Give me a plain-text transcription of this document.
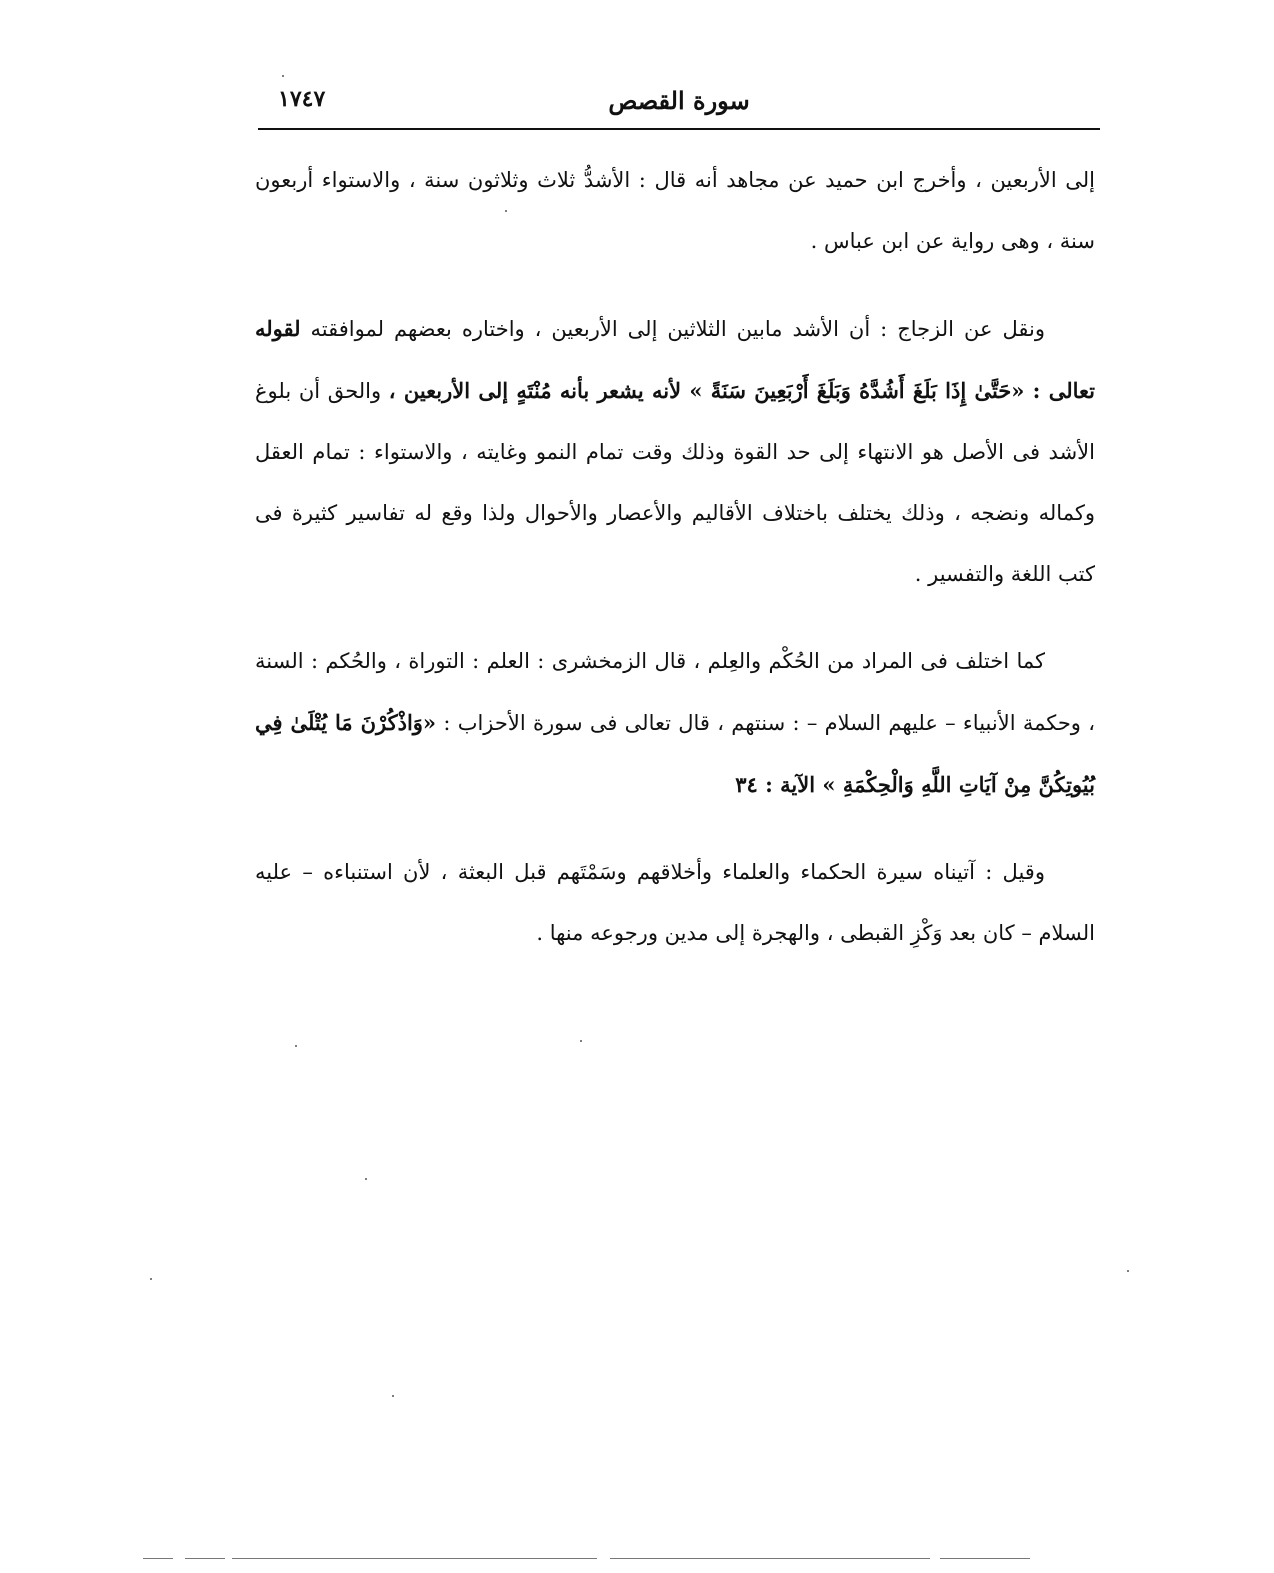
سورة القصص
١٧٤٧

إلى الأربعين ، وأخرج ابن حميد عن مجاهد أنه قال : الأشدُّ ثلاث وثلاثون سنة ، والاستواء أربعون سنة ، وهى رواية عن ابن عباس .

ونقل عن الزجاج : أن الأشد مابين الثلاثين إلى الأربعين ، واختاره بعضهم لموافقته لقوله تعالى : «حَتَّىٰ إِذَا بَلَغَ أَشُدَّهُ وَبَلَغَ أَرْبَعِينَ سَنَةً » لأنه يشعر بأنه مُنْتَهٍ إلى الأربعين ، والحق أن بلوغ الأشد فى الأصل هو الانتهاء إلى حد القوة وذلك وقت تمام النمو وغايته ، والاستواء : تمام العقل وكماله ونضجه ، وذلك يختلف باختلاف الأقاليم والأعصار والأحوال ولذا وقع له تفاسير كثيرة فى كتب اللغة والتفسير .

كما اختلف فى المراد من الحُكْم والعِلم ، قال الزمخشرى : العلم : التوراة ، والحُكم : السنة ، وحكمة الأنبياء – عليهم السلام – : سنتهم ، قال تعالى فى سورة الأحزاب : «وَاذْكُرْنَ مَا يُتْلَىٰ فِي بُيُوتِكُنَّ مِنْ آيَاتِ اللَّهِ وَالْحِكْمَةِ » الآية : ٣٤

وقيل : آتيناه سيرة الحكماء والعلماء وأخلاقهم وسَمْتَهم قبل البعثة ، لأن استنباءه – عليه السلام – كان بعد وَكْزِ القبطى ، والهجرة إلى مدين ورجوعه منها .
